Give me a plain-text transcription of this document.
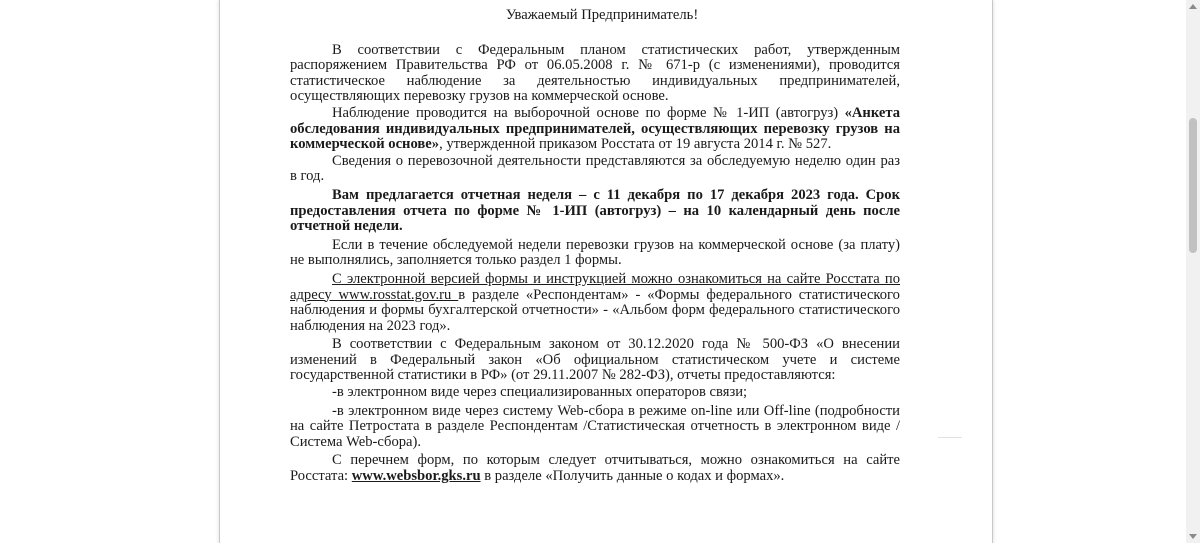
Уважаемый Предприниматель!
В соответствии с Федеральным планом статистических работ, утвержденным распоряжением Правительства РФ от 06.05.2008 г. № 671-р (с изменениями), проводится статистическое наблюдение за деятельностью индивидуальных предпринимателей, осуществляющих перевозку грузов на коммерческой основе.
Наблюдение проводится на выборочной основе по форме № 1-ИП (автогруз) «Анкета обследования индивидуальных предпринимателей, осуществляющих перевозку грузов на коммерческой основе», утвержденной приказом Росстата от 19 августа 2014 г. № 527.
Сведения о перевозочной деятельности представляются за обследуемую неделю один раз в год.
Вам предлагается отчетная неделя – с 11 декабря по 17 декабря 2023 года. Срок предоставления отчета по форме № 1-ИП (автогруз) – на 10 календарный день после отчетной недели.
Если в течение обследуемой недели перевозки грузов на коммерческой основе (за плату) не выполнялись, заполняется только раздел 1 формы.
С электронной версией формы и инструкцией можно ознакомиться на сайте Росстата по адресу www.rosstat.gov.ru в разделе «Респондентам» - «Формы федерального статистического наблюдения и формы бухгалтерской отчетности» - «Альбом форм федерального статистического наблюдения на 2023 год».
В соответствии с Федеральным законом от 30.12.2020 года № 500-ФЗ «О внесении изменений в Федеральный закон «Об официальном статистическом учете и системе государственной статистики в РФ» (от 29.11.2007 № 282-ФЗ), отчеты предоставляются:
-в электронном виде через специализированных операторов связи;
-в электронном виде через систему Web-сбора в режиме on-line или Off-line (подробности на сайте Петростата в разделе Респондентам /Статистическая отчетность в электронном виде /Система Web-сбора).
С перечнем форм, по которым следует отчитываться, можно ознакомиться на сайте Росстата: www.websbor.gks.ru в разделе «Получить данные о кодах и формах».
